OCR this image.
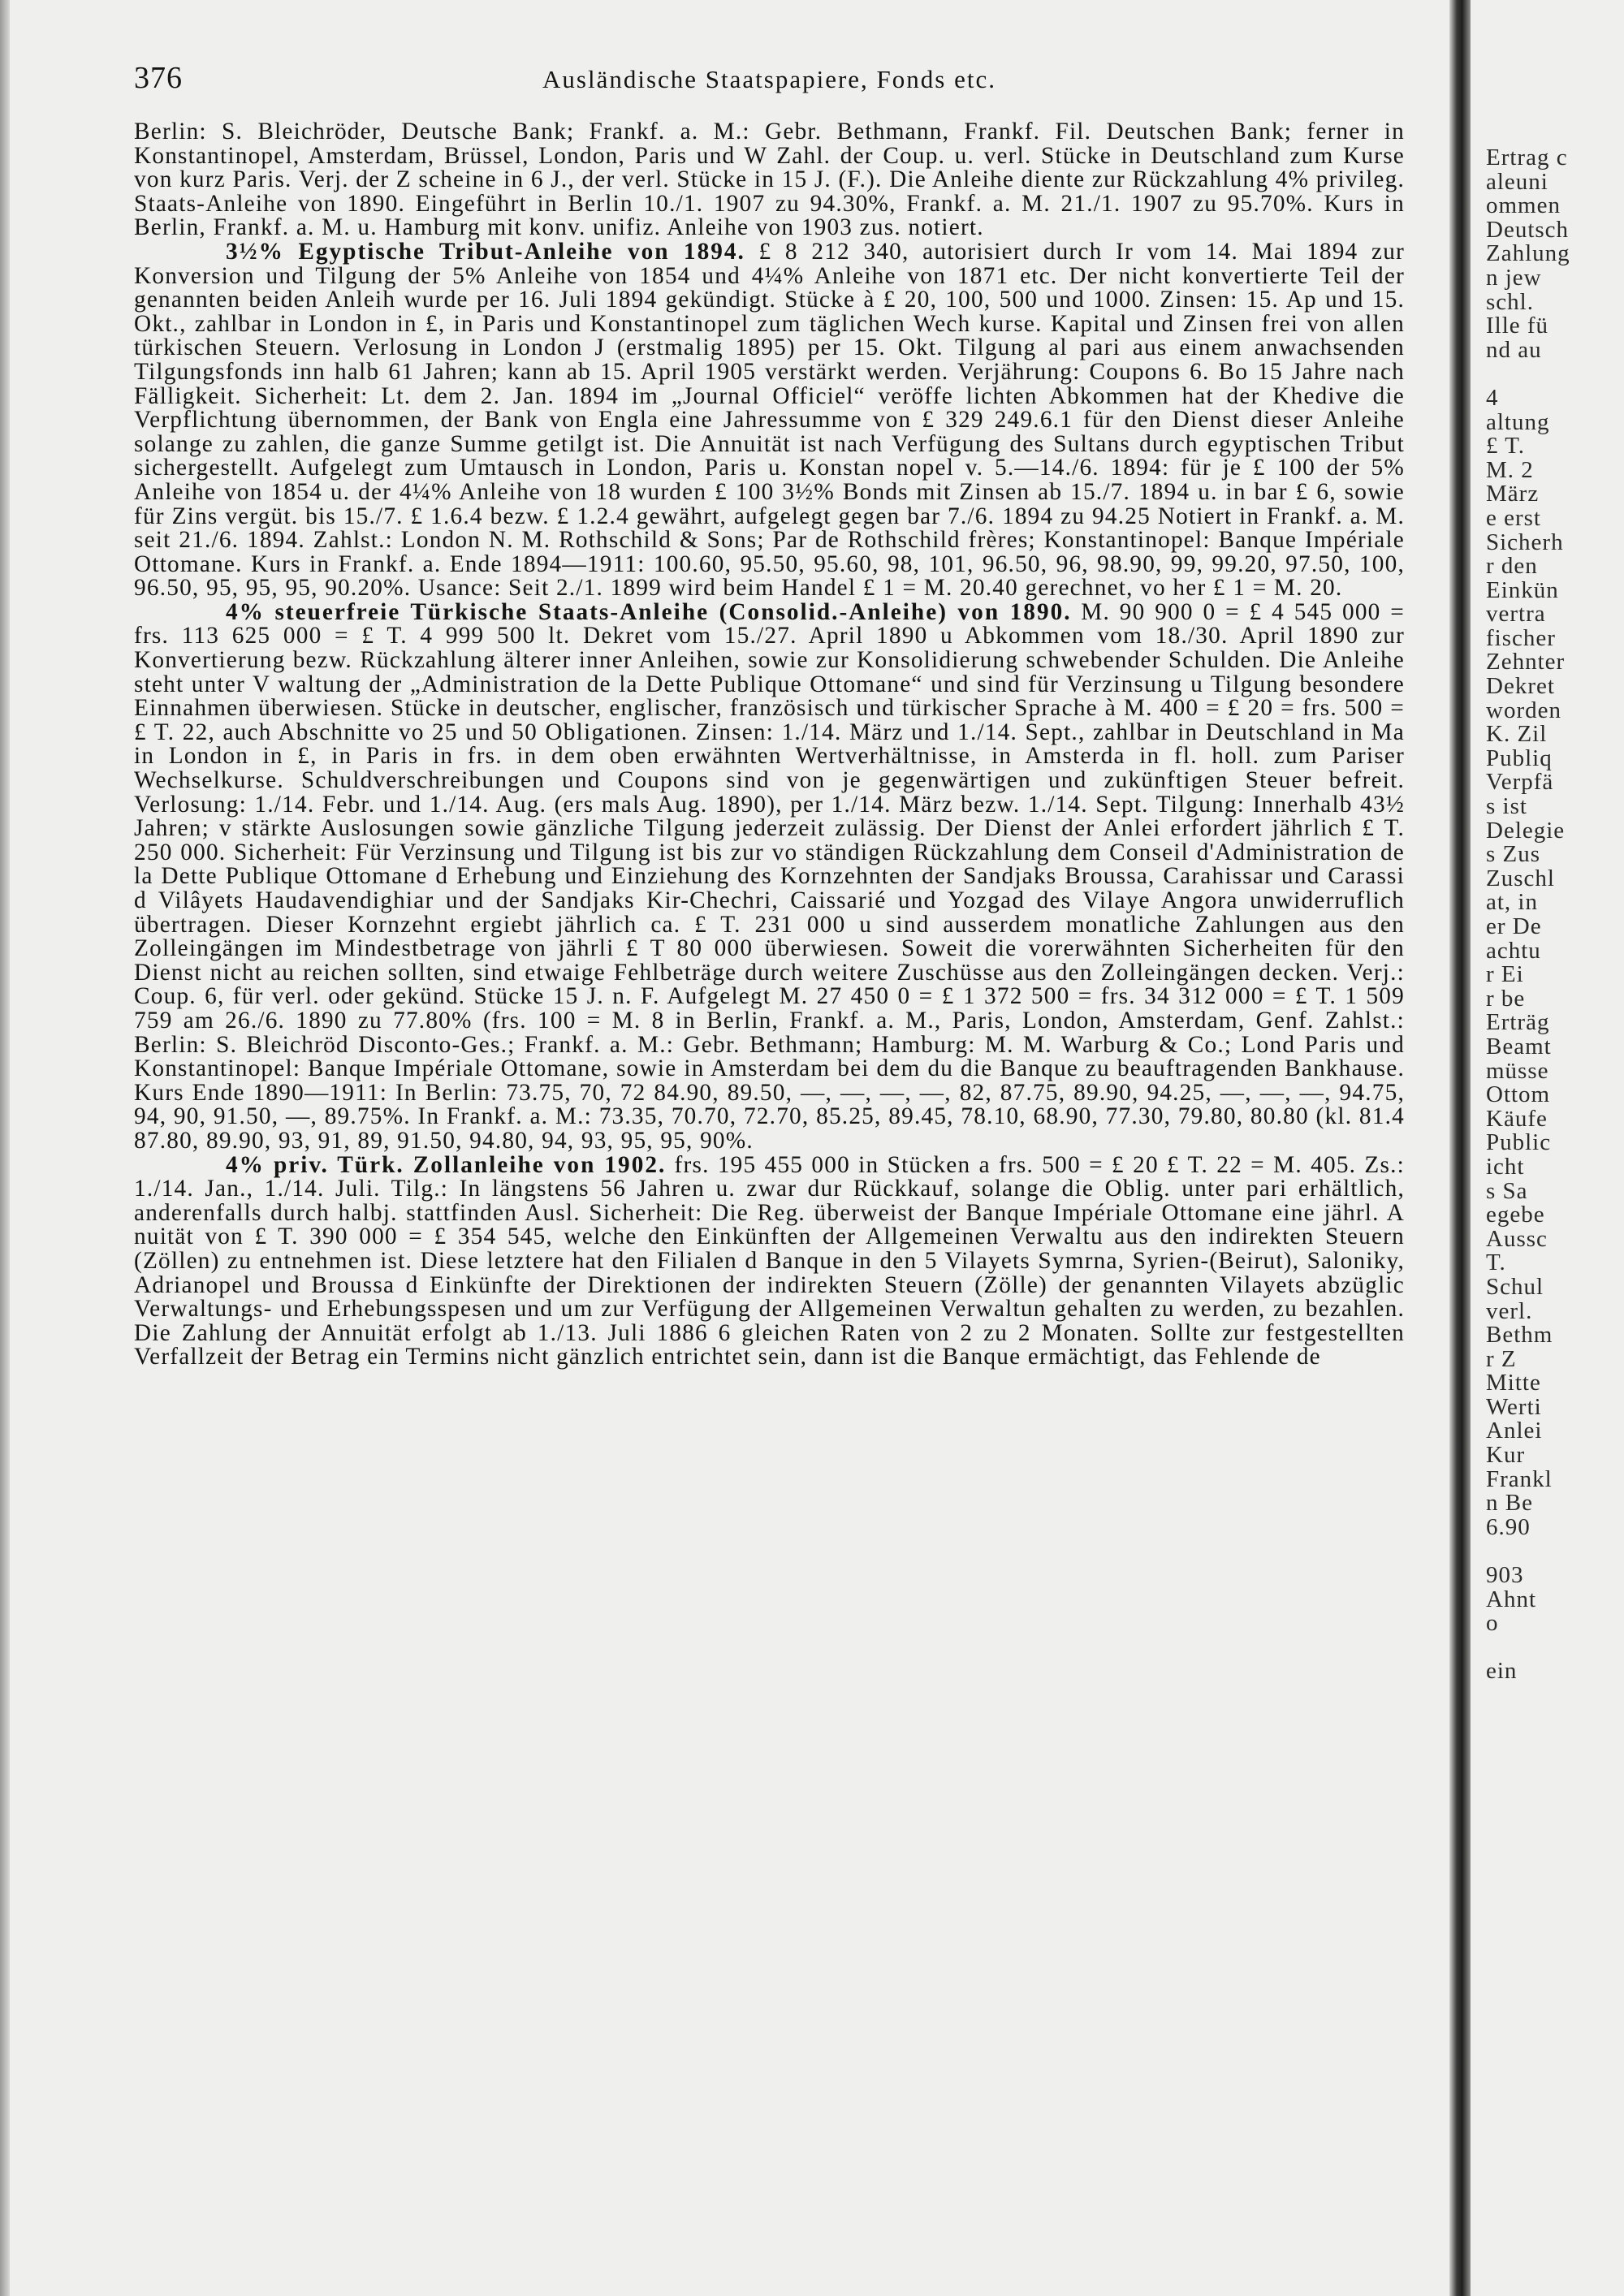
376	Ausländische Staatspapiere, Fonds etc.

Berlin: S. Bleichröder, Deutsche Bank; Frankf. a. M.: Gebr. Bethmann, Frankf. Fil. Deutschen Bank; ferner in Konstantinopel, Amsterdam, Brüssel, London, Paris und W Zahl. der Coup. u. verl. Stücke in Deutschland zum Kurse von kurz Paris. Verj. der Z scheine in 6 J., der verl. Stücke in 15 J. (F.). Die Anleihe diente zur Rückzahlung 4% privileg. Staats-Anleihe von 1890. Eingeführt in Berlin 10./1. 1907 zu 94.30%, Frankf. a. M. 21./1. 1907 zu 95.70%. Kurs in Berlin, Frankf. a. M. u. Hamburg mit konv. unifiz. Anleihe von 1903 zus. notiert.

3½% Egyptische Tribut-Anleihe von 1894. £ 8 212 340, autorisiert durch Ir vom 14. Mai 1894 zur Konversion und Tilgung der 5% Anleihe von 1854 und 4¼% Anleihe von 1871 etc. Der nicht konvertierte Teil der genannten beiden Anleih wurde per 16. Juli 1894 gekündigt. Stücke à £ 20, 100, 500 und 1000. Zinsen: 15. Ap und 15. Okt., zahlbar in London in £, in Paris und Konstantinopel zum täglichen Wech kurse. Kapital und Zinsen frei von allen türkischen Steuern. Verlosung in London J (erstmalig 1895) per 15. Okt. Tilgung al pari aus einem anwachsenden Tilgungsfonds inn halb 61 Jahren; kann ab 15. April 1905 verstärkt werden. Verjährung: Coupons 6. Bo 15 Jahre nach Fälligkeit. Sicherheit: Lt. dem 2. Jan. 1894 im „Journal Officiel“ veröffe lichten Abkommen hat der Khedive die Verpflichtung übernommen, der Bank von Engla eine Jahressumme von £ 329 249.6.1 für den Dienst dieser Anleihe solange zu zahlen, die ganze Summe getilgt ist. Die Annuität ist nach Verfügung des Sultans durch egyptischen Tribut sichergestellt. Aufgelegt zum Umtausch in London, Paris u. Konstan nopel v. 5.—14./6. 1894: für je £ 100 der 5% Anleihe von 1854 u. der 4¼% Anleihe von 18 wurden £ 100 3½% Bonds mit Zinsen ab 15./7. 1894 u. in bar £ 6, sowie für Zins vergüt. bis 15./7. £ 1.6.4 bezw. £ 1.2.4 gewährt, aufgelegt gegen bar 7./6. 1894 zu 94.25 Notiert in Frankf. a. M. seit 21./6. 1894. Zahlst.: London N. M. Rothschild & Sons; Par de Rothschild frères; Konstantinopel: Banque Impériale Ottomane. Kurs in Frankf. a. Ende 1894—1911: 100.60, 95.50, 95.60, 98, 101, 96.50, 96, 98.90, 99, 99.20, 97.50, 100, 96.50, 95, 95, 95, 90.20%. Usance: Seit 2./1. 1899 wird beim Handel £ 1 = M. 20.40 gerechnet, vo her £ 1 = M. 20.

4% steuerfreie Türkische Staats-Anleihe (Consolid.-Anleihe) von 1890. M. 90 900 0 = £ 4 545 000 = frs. 113 625 000 = £ T. 4 999 500 lt. Dekret vom 15./27. April 1890 u Abkommen vom 18./30. April 1890 zur Konvertierung bezw. Rückzahlung älterer inner Anleihen, sowie zur Konsolidierung schwebender Schulden. Die Anleihe steht unter V waltung der „Administration de la Dette Publique Ottomane“ und sind für Verzinsung u Tilgung besondere Einnahmen überwiesen. Stücke in deutscher, englischer, französisch und türkischer Sprache à M. 400 = £ 20 = frs. 500 = £ T. 22, auch Abschnitte vo 25 und 50 Obligationen. Zinsen: 1./14. März und 1./14. Sept., zahlbar in Deutschland in Ma in London in £, in Paris in frs. in dem oben erwähnten Wertverhältnisse, in Amsterda in fl. holl. zum Pariser Wechselkurse. Schuldverschreibungen und Coupons sind von je gegenwärtigen und zukünftigen Steuer befreit. Verlosung: 1./14. Febr. und 1./14. Aug. (ers mals Aug. 1890), per 1./14. März bezw. 1./14. Sept. Tilgung: Innerhalb 43½ Jahren; v stärkte Auslosungen sowie gänzliche Tilgung jederzeit zulässig. Der Dienst der Anlei erfordert jährlich £ T. 250 000. Sicherheit: Für Verzinsung und Tilgung ist bis zur vo ständigen Rückzahlung dem Conseil d'Administration de la Dette Publique Ottomane d Erhebung und Einziehung des Kornzehnten der Sandjaks Broussa, Carahissar und Carassi d Vilâyets Haudavendighiar und der Sandjaks Kir-Chechri, Caissarié und Yozgad des Vilaye Angora unwiderruflich übertragen. Dieser Kornzehnt ergiebt jährlich ca. £ T. 231 000 u sind ausserdem monatliche Zahlungen aus den Zolleingängen im Mindestbetrage von jährli £ T 80 000 überwiesen. Soweit die vorerwähnten Sicherheiten für den Dienst nicht au reichen sollten, sind etwaige Fehlbeträge durch weitere Zuschüsse aus den Zolleingängen decken. Verj.: Coup. 6, für verl. oder gekünd. Stücke 15 J. n. F. Aufgelegt M. 27 450 0 = £ 1 372 500 = frs. 34 312 000 = £ T. 1 509 759 am 26./6. 1890 zu 77.80% (frs. 100 = M. 8 in Berlin, Frankf. a. M., Paris, London, Amsterdam, Genf. Zahlst.: Berlin: S. Bleichröd Disconto-Ges.; Frankf. a. M.: Gebr. Bethmann; Hamburg: M. M. Warburg & Co.; Lond Paris und Konstantinopel: Banque Impériale Ottomane, sowie in Amsterdam bei dem du die Banque zu beauftragenden Bankhause. Kurs Ende 1890—1911: In Berlin: 73.75, 70, 72 84.90, 89.50, —, —, —, —, 82, 87.75, 89.90, 94.25, —, —, —, 94.75, 94, 90, 91.50, —, 89.75%. In Frankf. a. M.: 73.35, 70.70, 72.70, 85.25, 89.45, 78.10, 68.90, 77.30, 79.80, 80.80 (kl. 81.4 87.80, 89.90, 93, 91, 89, 91.50, 94.80, 94, 93, 95, 95, 90%.

4% priv. Türk. Zollanleihe von 1902. frs. 195 455 000 in Stücken a frs. 500 = £ 20 £ T. 22 = M. 405. Zs.: 1./14. Jan., 1./14. Juli. Tilg.: In längstens 56 Jahren u. zwar dur Rückkauf, solange die Oblig. unter pari erhältlich, anderenfalls durch halbj. stattfinden Ausl. Sicherheit: Die Reg. überweist der Banque Impériale Ottomane eine jährl. A nuität von £ T. 390 000 = £ 354 545, welche den Einkünften der Allgemeinen Verwaltu aus den indirekten Steuern (Zöllen) zu entnehmen ist. Diese letztere hat den Filialen d Banque in den 5 Vilayets Symrna, Syrien-(Beirut), Saloniky, Adrianopel und Broussa d Einkünfte der Direktionen der indirekten Steuern (Zölle) der genannten Vilayets abzüglic Verwaltungs- und Erhebungsspesen und um zur Verfügung der Allgemeinen Verwaltun gehalten zu werden, zu bezahlen. Die Zahlung der Annuität erfolgt ab 1./13. Juli 1886 6 gleichen Raten von 2 zu 2 Monaten. Sollte zur festgestellten Verfallzeit der Betrag ein Termins nicht gänzlich entrichtet sein, dann ist die Banque ermächtigt, das Fehlende de

Ertrag c
aleuni
ommen
Deutsch
Zahlung
n jew
schl.
Ille fü
nd au
4
altung
£ T.
M. 2
März
e erst
Sicherh
r den
Einkün
vertra
fischer
Zehnter
Dekret
worden
K. Zil
Publiq
Verpfä
s ist
Delegie
s Zus
Zuschl
at, in
er De
achtu
r Ei
r be
Erträg
Beamt
müsse
Ottom
Käufe
Public
icht
s Sa
egebe
Aussc
T.
Schul
verl.
Bethm
r Z
Mitte
Werti
Anlei
Kur
Frankl
n Be
6.90
903
Ahnt
o
ein
